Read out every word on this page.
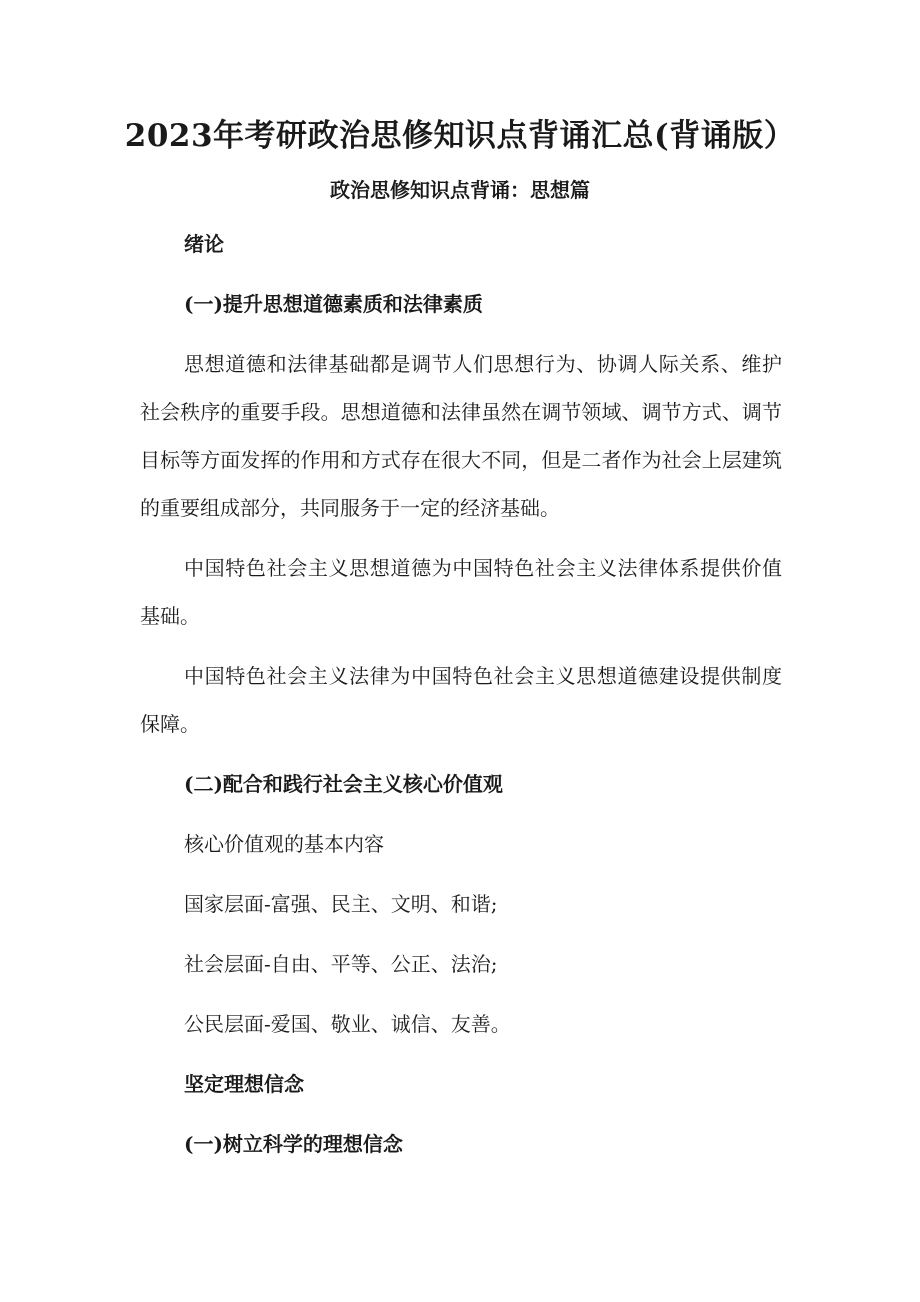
2023年考研政治思修知识点背诵汇总(背诵版）
政治思修知识点背诵：思想篇
绪论
(一)提升思想道德素质和法律素质

思想道德和法律基础都是调节人们思想行为、协调人际关系、维护社会秩序的重要手段。思想道德和法律虽然在调节领域、调节方式、调节目标等方面发挥的作用和方式存在很大不同，但是二者作为社会上层建筑的重要组成部分，共同服务于一定的经济基础。

中国特色社会主义思想道德为中国特色社会主义法律体系提供价值基础。

中国特色社会主义法律为中国特色社会主义思想道德建设提供制度保障。

(二)配合和践行社会主义核心价值观
核心价值观的基本内容
国家层面-富强、民主、文明、和谐;
社会层面-自由、平等、公正、法治;
公民层面-爱国、敬业、诚信、友善。
坚定理想信念
(一)树立科学的理想信念
